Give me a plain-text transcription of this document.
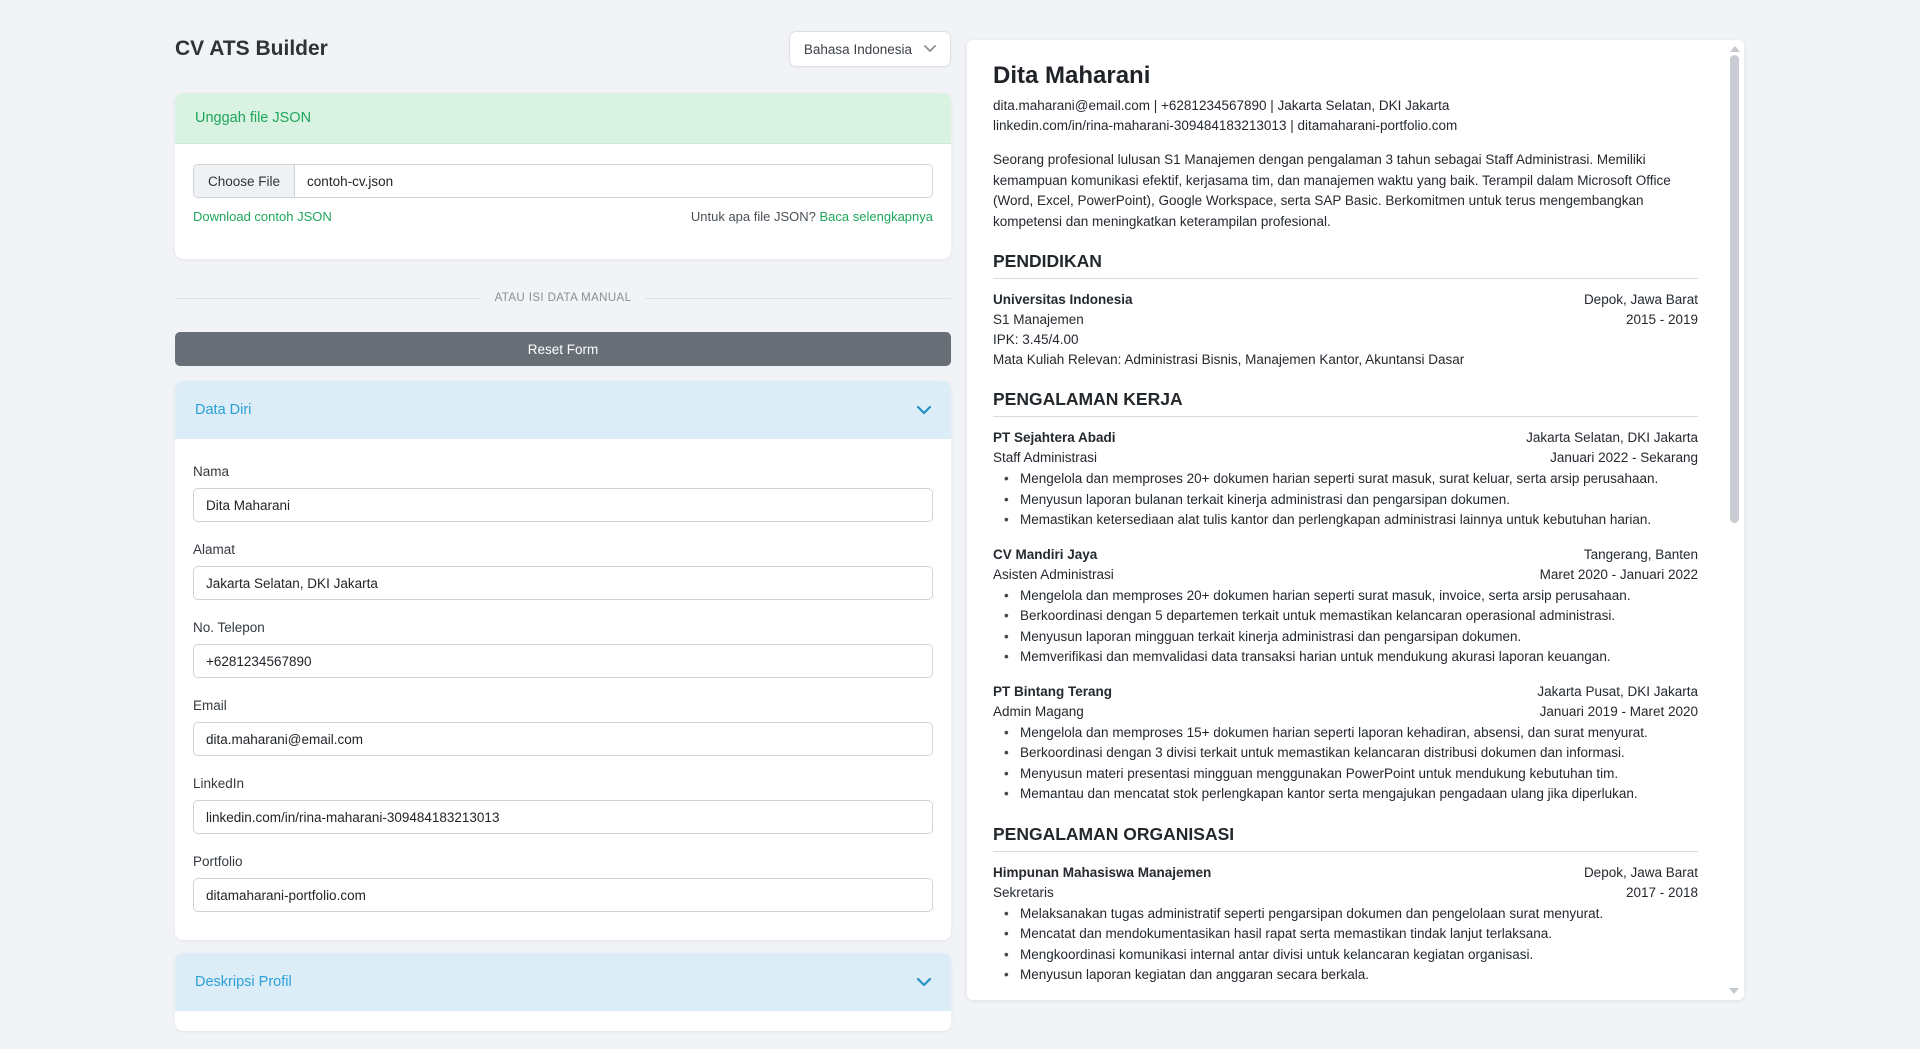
CV ATS Builder	Bahasa Indonesia
Unggah file JSON
Choose File	contoh-cv.json
Download contoh JSON	Untuk apa file JSON? Baca selengkapnya
ATAU ISI DATA MANUAL
Reset Form
Data Diri
Nama
Dita Maharani
Alamat
Jakarta Selatan, DKI Jakarta
No. Telepon
+6281234567890
Email
dita.maharani@email.com
LinkedIn
linkedin.com/in/rina-maharani-309484183213013
Portfolio
ditamaharani-portfolio.com
Deskripsi Profil
Dita Maharani
dita.maharani@email.com | +6281234567890 | Jakarta Selatan, DKI Jakarta
linkedin.com/in/rina-maharani-309484183213013 | ditamaharani-portfolio.com

Seorang profesional lulusan S1 Manajemen dengan pengalaman 3 tahun sebagai Staff Administrasi. Memiliki kemampuan komunikasi efektif, kerjasama tim, dan manajemen waktu yang baik. Terampil dalam Microsoft Office (Word, Excel, PowerPoint), Google Workspace, serta SAP Basic. Berkomitmen untuk terus mengembangkan kompetensi dan meningkatkan keterampilan profesional.

PENDIDIKAN
Universitas Indonesia	Depok, Jawa Barat
S1 Manajemen	2015 - 2019
IPK: 3.45/4.00
Mata Kuliah Relevan: Administrasi Bisnis, Manajemen Kantor, Akuntansi Dasar
PENGALAMAN KERJA
PT Sejahtera Abadi	Jakarta Selatan, DKI Jakarta
Staff Administrasi	Januari 2022 - Sekarang
• Mengelola dan memproses 20+ dokumen harian seperti surat masuk, surat keluar, serta arsip perusahaan.
• Menyusun laporan bulanan terkait kinerja administrasi dan pengarsipan dokumen.
• Memastikan ketersediaan alat tulis kantor dan perlengkapan administrasi lainnya untuk kebutuhan harian.
CV Mandiri Jaya	Tangerang, Banten
Asisten Administrasi	Maret 2020 - Januari 2022
• Mengelola dan memproses 20+ dokumen harian seperti surat masuk, invoice, serta arsip perusahaan.
• Berkoordinasi dengan 5 departemen terkait untuk memastikan kelancaran operasional administrasi.
• Menyusun laporan mingguan terkait kinerja administrasi dan pengarsipan dokumen.
• Memverifikasi dan memvalidasi data transaksi harian untuk mendukung akurasi laporan keuangan.
PT Bintang Terang	Jakarta Pusat, DKI Jakarta
Admin Magang	Januari 2019 - Maret 2020
• Mengelola dan memproses 15+ dokumen harian seperti laporan kehadiran, absensi, dan surat menyurat.
• Berkoordinasi dengan 3 divisi terkait untuk memastikan kelancaran distribusi dokumen dan informasi.
• Menyusun materi presentasi mingguan menggunakan PowerPoint untuk mendukung kebutuhan tim.
• Memantau dan mencatat stok perlengkapan kantor serta mengajukan pengadaan ulang jika diperlukan.
PENGALAMAN ORGANISASI
Himpunan Mahasiswa Manajemen	Depok, Jawa Barat
Sekretaris	2017 - 2018
• Melaksanakan tugas administratif seperti pengarsipan dokumen dan pengelolaan surat menyurat.
• Mencatat dan mendokumentasikan hasil rapat serta memastikan tindak lanjut terlaksana.
• Mengkoordinasi komunikasi internal antar divisi untuk kelancaran kegiatan organisasi.
• Menyusun laporan kegiatan dan anggaran secara berkala.
